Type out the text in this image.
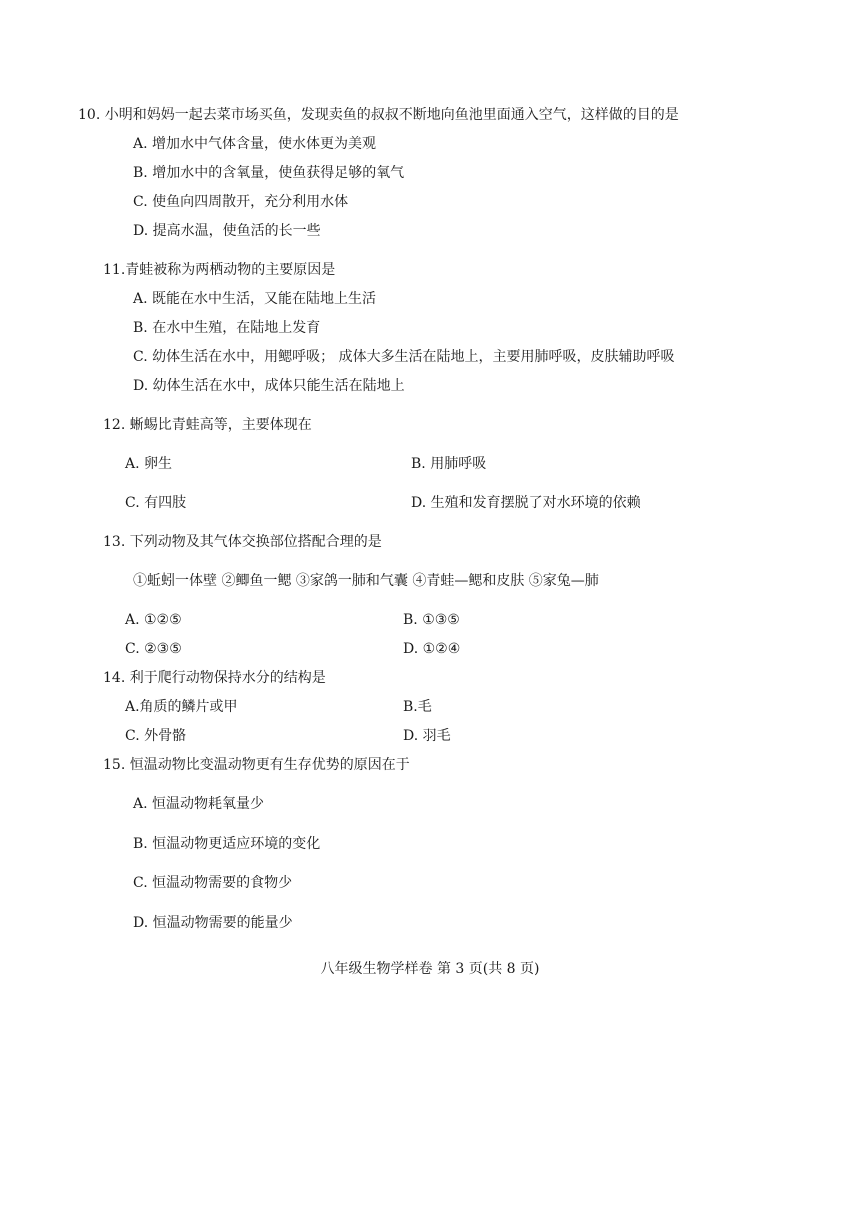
10. 小明和妈妈一起去菜市场买鱼，发现卖鱼的叔叔不断地向鱼池里面通入空气，这样做的目的是
A. 增加水中气体含量，使水体更为美观
B. 增加水中的含氧量，使鱼获得足够的氧气
C. 使鱼向四周散开，充分利用水体
D. 提高水温，使鱼活的长一些
11.青蛙被称为两栖动物的主要原因是
A. 既能在水中生活，又能在陆地上生活
B. 在水中生殖，在陆地上发育
C. 幼体生活在水中，用鳃呼吸； 成体大多生活在陆地上，主要用肺呼吸，皮肤辅助呼吸
D. 幼体生活在水中，成体只能生活在陆地上
12. 蜥蜴比青蛙高等，主要体现在
A. 卵生	B. 用肺呼吸
C. 有四肢	D. 生殖和发育摆脱了对水环境的依赖
13. 下列动物及其气体交换部位搭配合理的是
①蚯蚓一体壁 ②鲫鱼一鳃 ③家鸽一肺和气囊 ④青蛙—鳃和皮肤 ⑤家兔—肺
A. ①②⑤	B. ①③⑤
C. ②③⑤	D. ①②④
14. 利于爬行动物保持水分的结构是
A.角质的鳞片或甲	B.毛
C. 外骨骼	D. 羽毛
15. 恒温动物比变温动物更有生存优势的原因在于
A. 恒温动物耗氧量少
B. 恒温动物更适应环境的变化
C. 恒温动物需要的食物少
D. 恒温动物需要的能量少
八年级生物学样卷 第 3 页(共 8 页)
